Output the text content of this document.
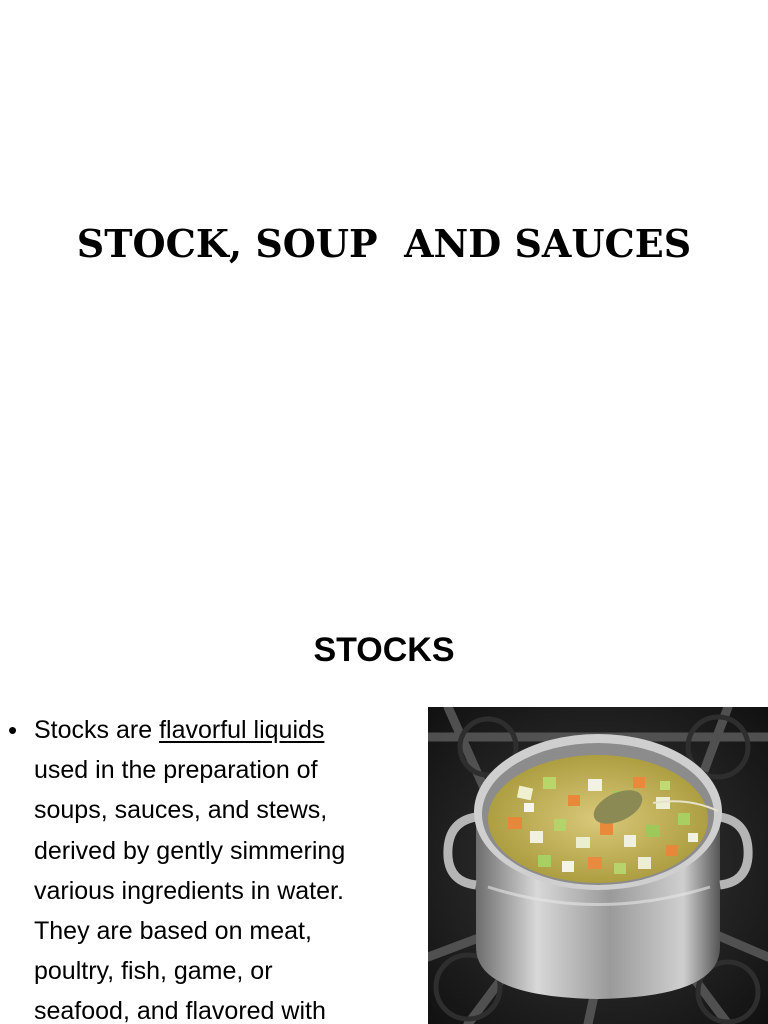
STOCK, SOUP  AND SAUCES
STOCKS
• Stocks are flavorful liquids
used in the preparation of
soups, sauces, and stews,
derived by gently simmering
various ingredients in water.
They are based on meat,
poultry, fish, game, or
seafood, and flavored with
